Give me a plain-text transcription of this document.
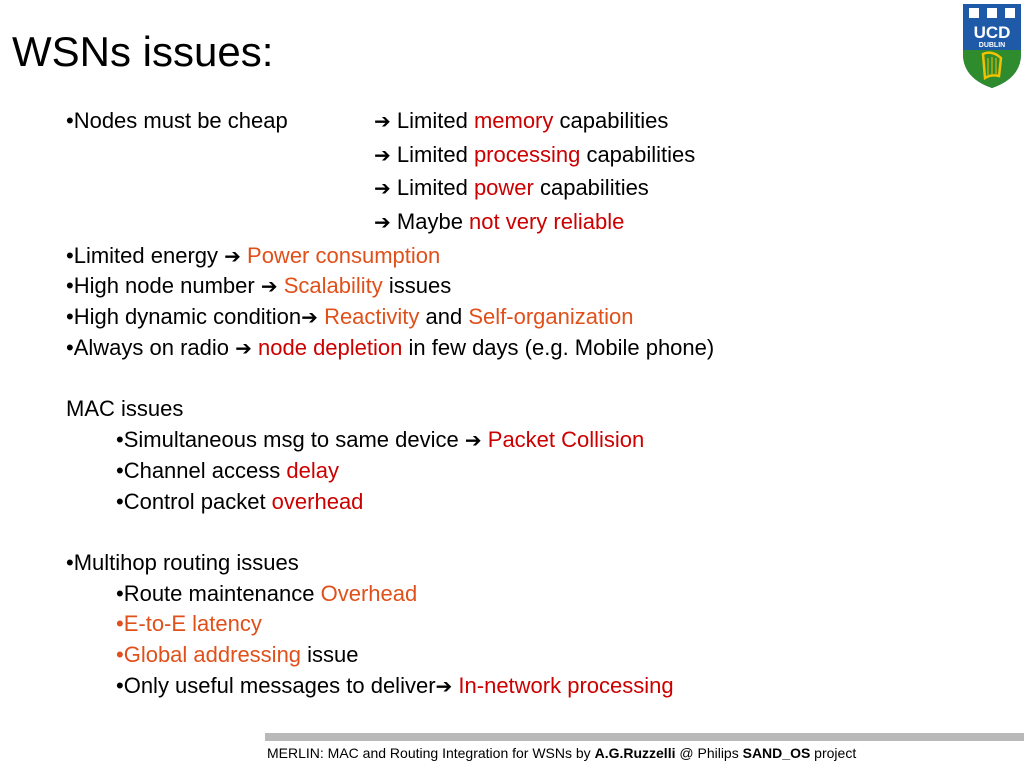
WSNs issues:	UCD
DUBLIN
•Nodes must be cheap	➔ Limited memory capabilities
➔ Limited processing capabilities
➔ Limited power capabilities
➔ Maybe not very reliable
•Limited energy ➔ Power consumption
•High node number ➔ Scalability issues
•High dynamic condition➔ Reactivity and Self-organization
•Always on radio ➔ node depletion in few days (e.g. Mobile phone)
MAC issues
•Simultaneous msg to same device ➔ Packet Collision
•Channel access delay
•Control packet overhead
•Multihop routing issues
•Route maintenance Overhead
•E-to-E latency
•Global addressing issue
•Only useful messages to deliver➔ In-network processing
MERLIN: MAC and Routing Integration for WSNs by A.G.Ruzzelli @ Philips SAND_OS project
